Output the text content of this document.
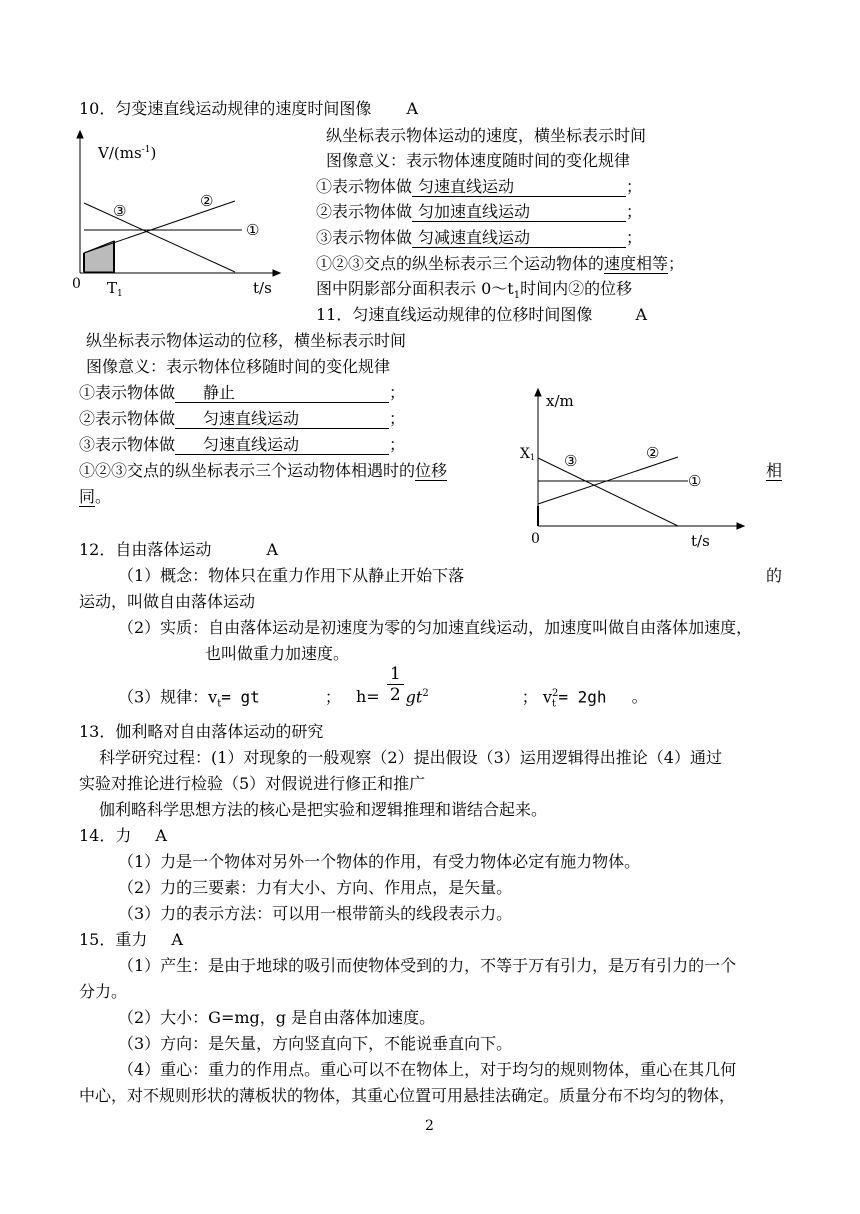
10．匀变速直线运动规律的速度时间图像 A
$V/(ms^{-1})$
0 $T_1$	t/s
③
②
①
纵坐标表示物体运动的速度，横坐标表示时间
图像意义：表示物体速度随时间的变化规律
①表示物体做 匀速直线运动	；
②表示物体做 匀加速直线运动	；
③表示物体做 匀减速直线运动	；
①②③交点的纵坐标表示三个运动物体的速度相等；
图中阴影部分面积表示 $0\sim t_1$时间内②的位移
11．匀速直线运动规律的位移时间图像	A
纵坐标表示物体运动的位移，横坐标表示时间
图像意义：表示物体位移随时间的变化规律
①表示物体做 静止	；
②表示物体做 匀速直线运动	；
③表示物体做 匀速直线运动	；
①②③交点的纵坐标表示三个运动物体相遇时的位移	相
同。
x/m
X1
0	t/s
③	②
①
12．自由落体运动	A
（1）概念：物体只在重力作用下从静止开始下落	的
运动，叫做自由落体运动
（2）实质：自由落体运动是初速度为零的匀加速直线运动，加速度叫做自由落体加速度，
也叫做重力加速度。
（3）规律：$v_t=$ gt	； $h= \frac{1}{2} gt^2$	； $v_t^2= 2gh$ 。
13．伽利略对自由落体运动的研究
科学研究过程：(1）对现象的一般观察（2）提出假设（3）运用逻辑得出推论（4）通过
实验对推论进行检验（5）对假说进行修正和推广
伽利略科学思想方法的核心是把实验和逻辑推理和谐结合起来。
14．力 A
（1）力是一个物体对另外一个物体的作用，有受力物体必定有施力物体。
（2）力的三要素：力有大小、方向、作用点，是矢量。
（3）力的表示方法：可以用一根带箭头的线段表示力。
15．重力 A
（1）产生：是由于地球的吸引而使物体受到的力，不等于万有引力，是万有引力的一个
分力。
（2）大小：G=mg，g 是自由落体加速度。
（3）方向：是矢量，方向竖直向下，不能说垂直向下。
（4）重心：重力的作用点。重心可以不在物体上，对于均匀的规则物体，重心在其几何
中心，对不规则形状的薄板状的物体，其重心位置可用悬挂法确定。质量分布不均匀的物体，
2
